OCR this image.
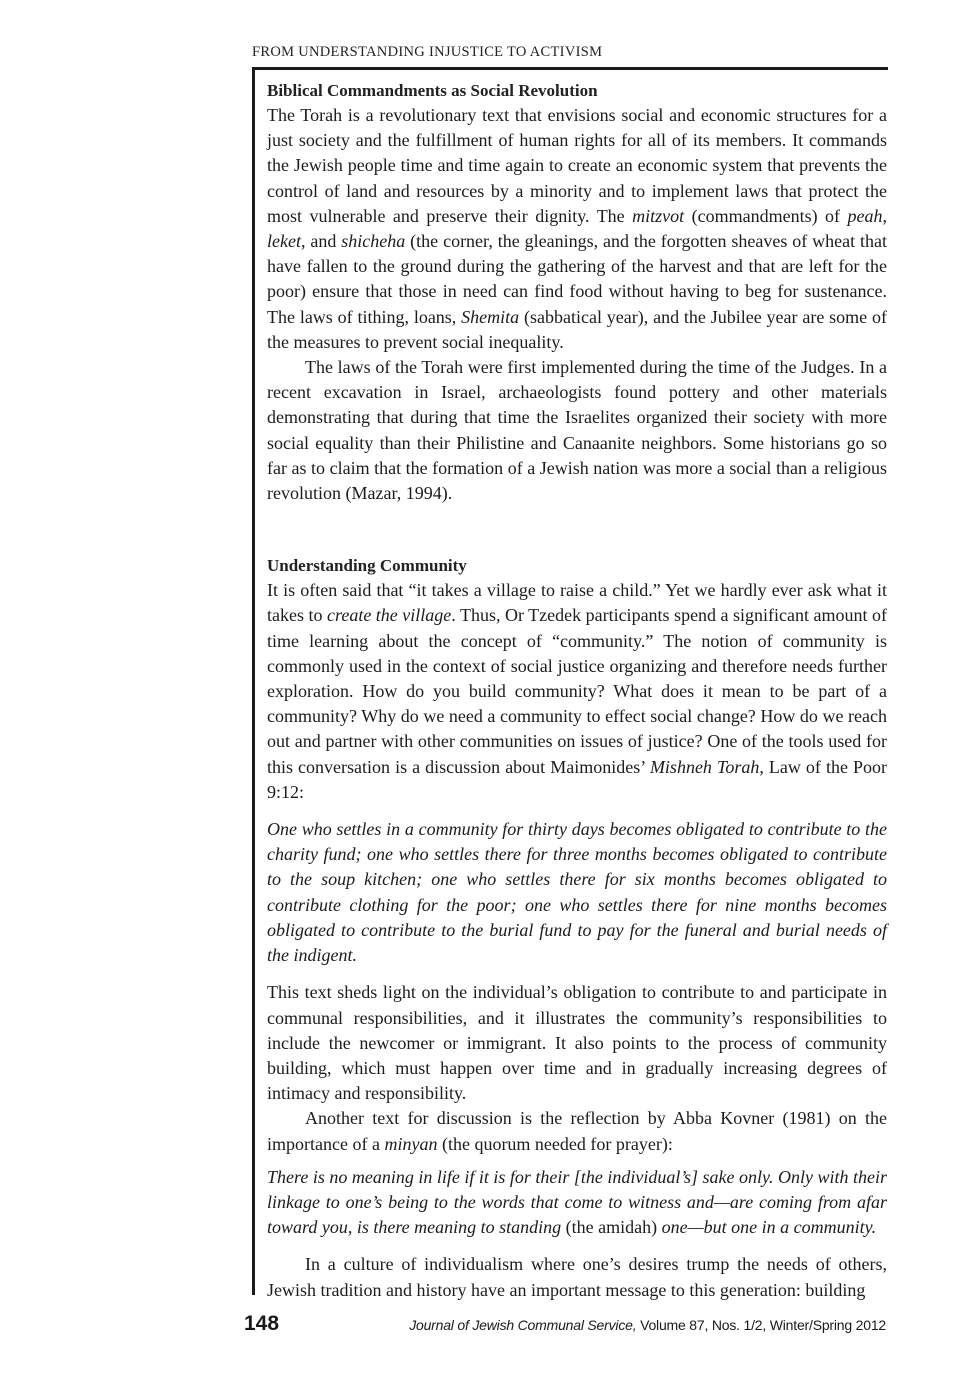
FROM UNDERSTANDING INJUSTICE TO ACTIVISM
Biblical Commandments as Social Revolution

The Torah is a revolutionary text that envisions social and economic structures for a just society and the fulfillment of human rights for all of its members. It commands the Jewish people time and time again to create an economic system that prevents the control of land and resources by a minority and to implement laws that protect the most vulnerable and preserve their dignity. The mitzvot (commandments) of peah, leket, and shicheha (the corner, the gleanings, and the forgotten sheaves of wheat that have fallen to the ground during the gathering of the harvest and that are left for the poor) ensure that those in need can find food without having to beg for sustenance. The laws of tithing, loans, Shemita (sabbatical year), and the Jubilee year are some of the measures to prevent social inequality.

The laws of the Torah were first implemented during the time of the Judges. In a recent excavation in Israel, archaeologists found pottery and other materials demonstrating that during that time the Israelites organized their society with more social equality than their Philistine and Canaanite neighbors. Some historians go so far as to claim that the formation of a Jewish nation was more a social than a religious revolution (Mazar, 1994).

Understanding Community

It is often said that “it takes a village to raise a child.” Yet we hardly ever ask what it takes to create the village. Thus, Or Tzedek participants spend a significant amount of time learning about the concept of “community.” The notion of community is commonly used in the context of social justice organizing and therefore needs further exploration. How do you build community? What does it mean to be part of a community? Why do we need a community to effect social change? How do we reach out and partner with other communities on issues of justice? One of the tools used for this conversation is a discussion about Maimonides’ Mishneh Torah, Law of the Poor 9:12:

One who settles in a community for thirty days becomes obligated to contribute to the charity fund; one who settles there for three months becomes obligated to contribute to the soup kitchen; one who settles there for six months becomes obligated to contribute clothing for the poor; one who settles there for nine months becomes obligated to contribute to the burial fund to pay for the funeral and burial needs of the indigent.

This text sheds light on the individual’s obligation to contribute to and participate in communal responsibilities, and it illustrates the community’s responsibilities to include the newcomer or immigrant. It also points to the process of community building, which must happen over time and in gradually increasing degrees of intimacy and responsibility.

Another text for discussion is the reflection by Abba Kovner (1981) on the importance of a minyan (the quorum needed for prayer):

There is no meaning in life if it is for their [the individual’s] sake only. Only with their linkage to one’s being to the words that come to witness and—are coming from afar toward you, is there meaning to standing (the amidah) one—but one in a community.

In a culture of individualism where one’s desires trump the needs of others, Jewish tradition and history have an important message to this generation: building

148	Journal of Jewish Communal Service, Volume 87, Nos. 1/2, Winter/Spring 2012
